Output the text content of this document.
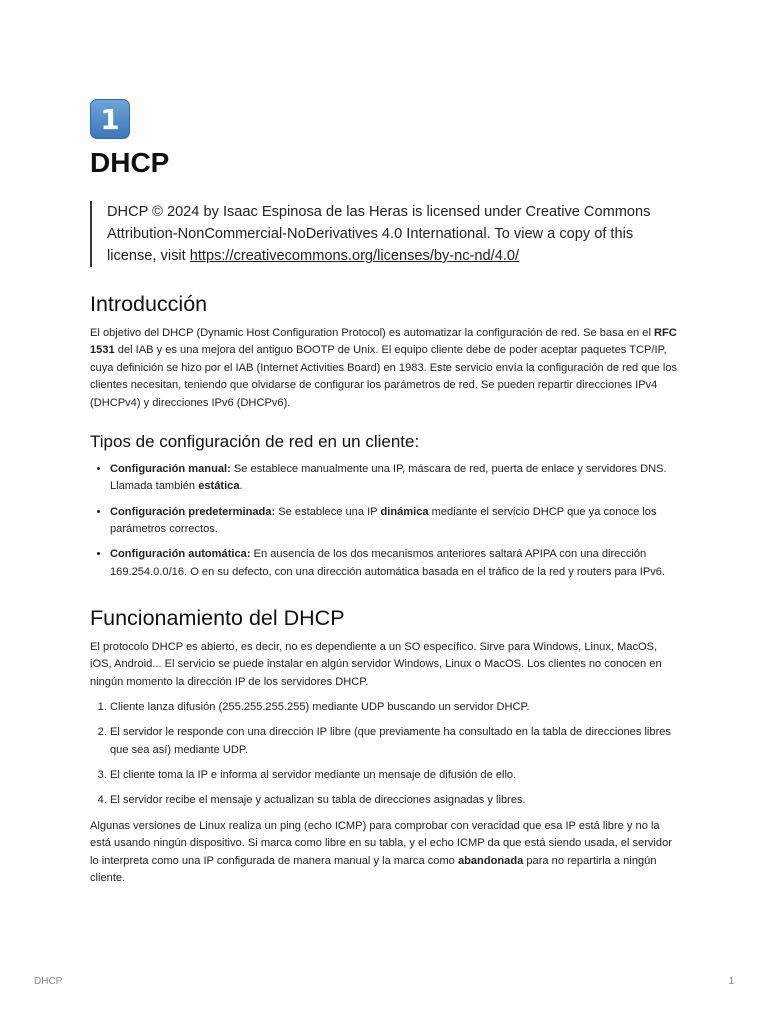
1
DHCP
DHCP © 2024 by Isaac Espinosa de las Heras is licensed under Creative Commons Attribution-NonCommercial-NoDerivatives 4.0 International. To view a copy of this license, visit https://creativecommons.org/licenses/by-nc-nd/4.0/
Introducción

El objetivo del DHCP (Dynamic Host Configuration Protocol) es automatizar la configuración de red. Se basa en el RFC 1531 del IAB y es una mejora del antiguo BOOTP de Unix. El equipo cliente debe de poder aceptar paquetes TCP/IP, cuya definición se hizo por el IAB (Internet Activities Board) en 1983. Este servicio envía la configuración de red que los clientes necesitan, teniendo que olvidarse de configurar los parámetros de red. Se pueden repartir direcciones IPv4 (DHCPv4) y direcciones IPv6 (DHCPv6).

Tipos de configuración de red en un cliente:
• Configuración manual: Se establece manualmente una IP, máscara de red, puerta de enlace y servidores DNS. Llamada también estática.
• Configuración predeterminada: Se establece una IP dinámica mediante el servicio DHCP que ya conoce los parámetros correctos.
• Configuración automática: En ausencia de los dos mecanismos anteriores saltará APIPA con una dirección 169.254.0.0/16. O en su defecto, con una dirección automática basada en el tráfico de la red y routers para IPv6.
Funcionamiento del DHCP

El protocolo DHCP es abierto, es decir, no es dependiente a un SO específico. Sirve para Windows, Linux, MacOS, iOS, Android... El servicio se puede instalar en algún servidor Windows, Linux o MacOS. Los clientes no conocen en ningún momento la dirección IP de los servidores DHCP.

1. Cliente lanza difusión (255.255.255.255) mediante UDP buscando un servidor DHCP.
2. El servidor le responde con una dirección IP libre (que previamente ha consultado en la tabla de direcciones libres que sea así) mediante UDP.
3. El cliente toma la IP e informa al servidor mediante un mensaje de difusión de ello.
4. El servidor recibe el mensaje y actualizan su tabla de direcciones asignadas y libres.

Algunas versiones de Linux realiza un ping (echo ICMP) para comprobar con veracidad que esa IP está libre y no la está usando ningún dispositivo. Si marca como libre en su tabla, y el echo ICMP da que está siendo usada, el servidor lo interpreta como una IP configurada de manera manual y la marca como abandonada para no repartirla a ningún cliente.

DHCP	1
